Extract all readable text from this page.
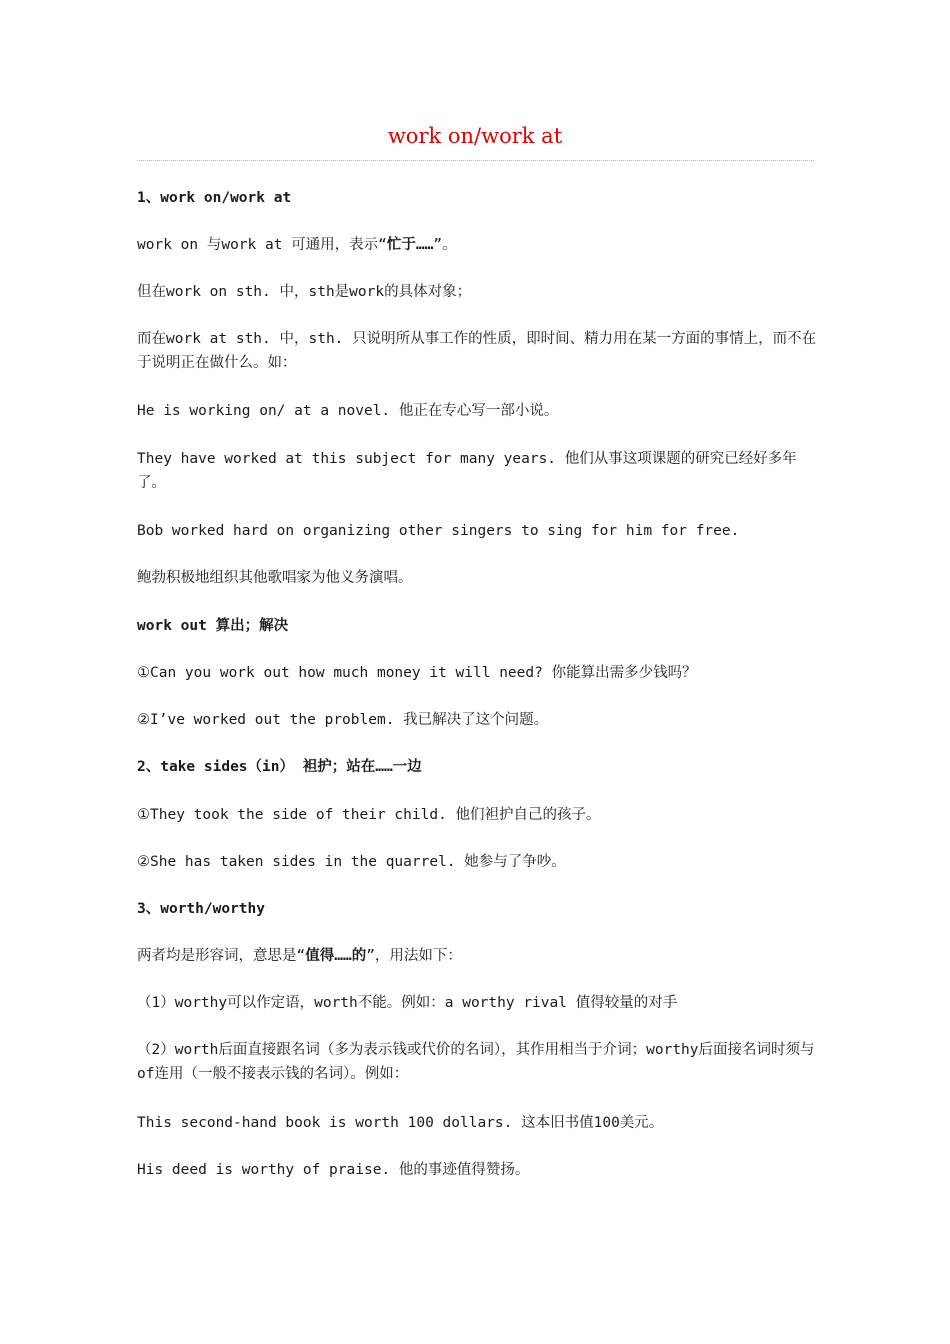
work on/work at
1、work on/work at
work on 与work at 可通用，表示“忙于……”。
但在work on sth. 中，sth是work的具体对象；
而在work at sth. 中，sth. 只说明所从事工作的性质，即时间、精力用在某一方面的事情上，而不在于说明正在做什么。如：
He is working on/ at a novel. 他正在专心写一部小说。
They have worked at this subject for many years. 他们从事这项课题的研究已经好多年了。
Bob worked hard on organizing other singers to sing for him for free.
鲍勃积极地组织其他歌唱家为他义务演唱。
work out 算出；解决
①Can you work out how much money it will need? 你能算出需多少钱吗？
②I’ve worked out the problem. 我已解决了这个问题。
2、take sides（in） 袒护；站在……一边
①They took the side of their child. 他们袒护自己的孩子。
②She has taken sides in the quarrel. 她参与了争吵。
3、worth/worthy
两者均是形容词，意思是“值得……的”，用法如下：
（1）worthy可以作定语，worth不能。例如：a worthy rival 值得较量的对手
（2）worth后面直接跟名词（多为表示钱或代价的名词），其作用相当于介词；worthy后面接名词时须与of连用（一般不接表示钱的名词）。例如：
This second-hand book is worth 100 dollars. 这本旧书值100美元。
His deed is worthy of praise. 他的事迹值得赞扬。
